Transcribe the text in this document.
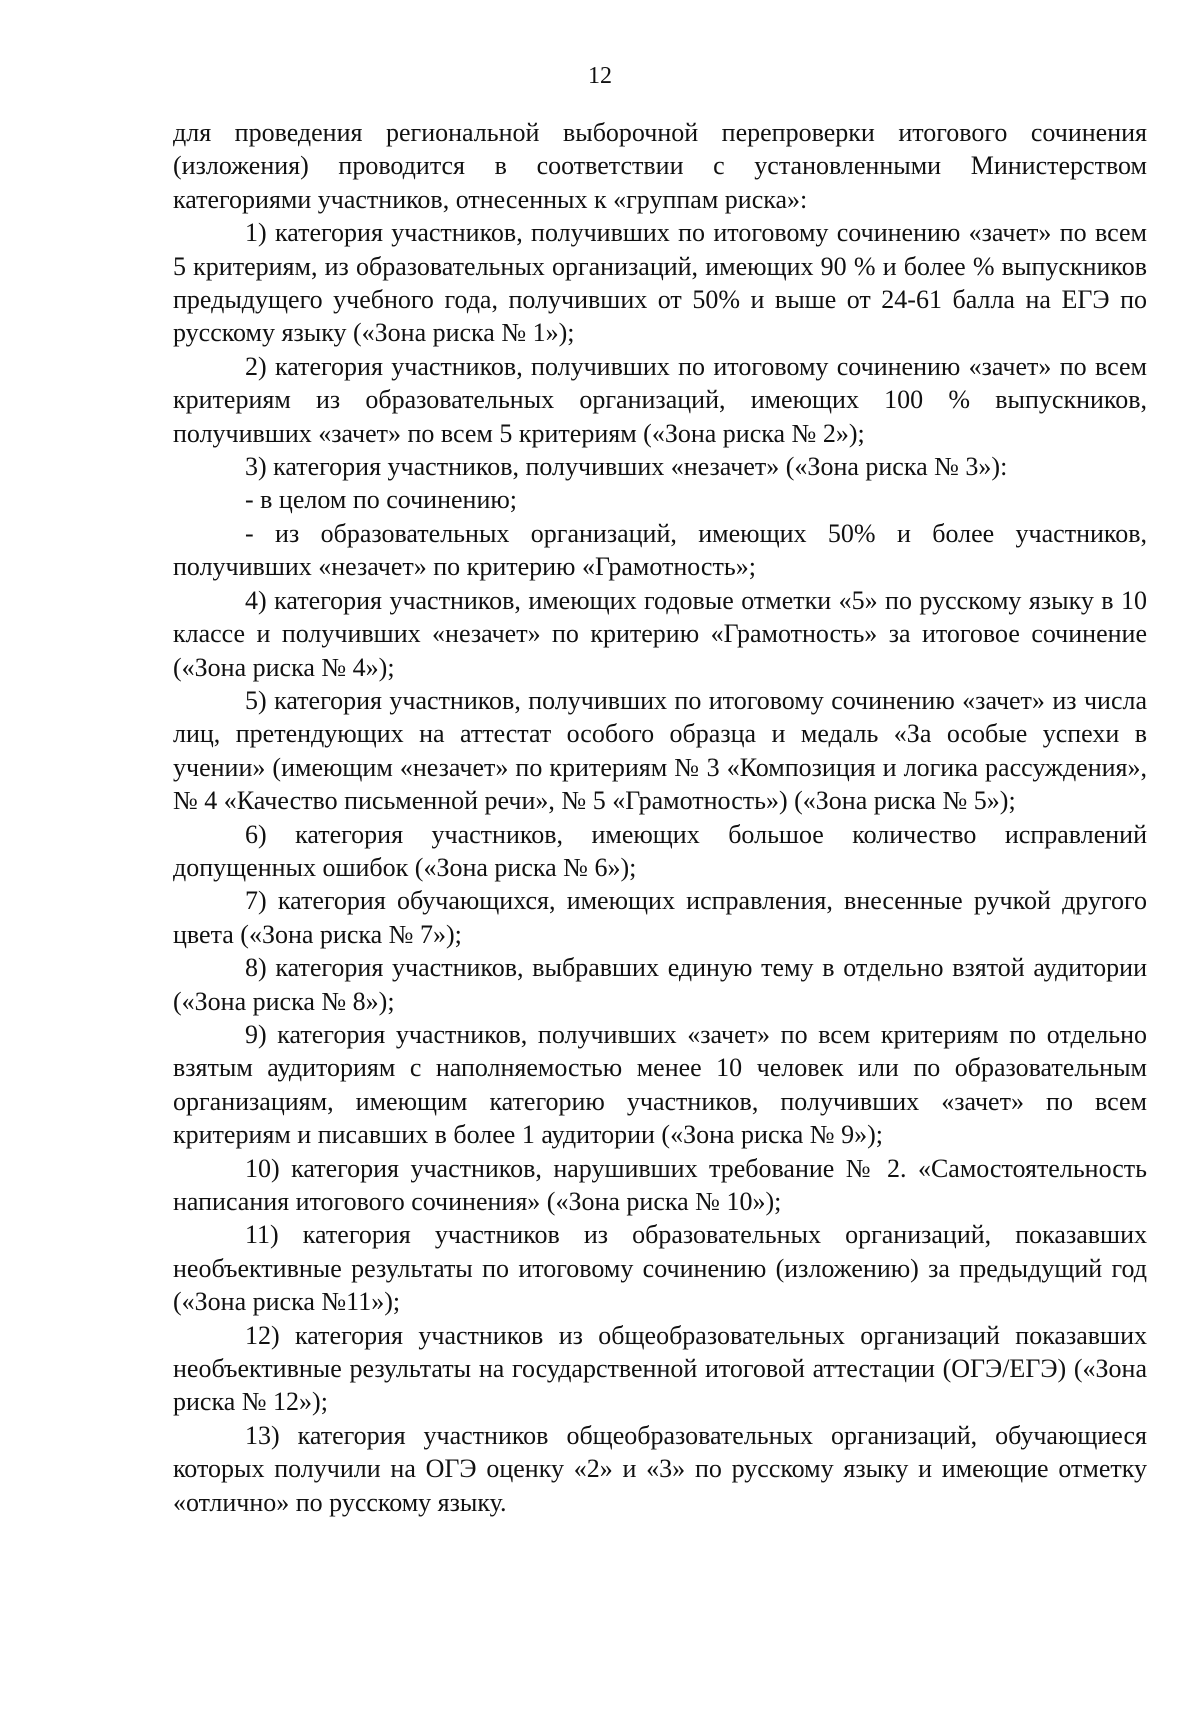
12

для проведения региональной выборочной перепроверки итогового сочинения (изложения) проводится в соответствии с установленными Министерством категориями участников, отнесенных к «группам риска»:

1) категория участников, получивших по итоговому сочинению «зачет» по всем 5 критериям, из образовательных организаций, имеющих 90 % и более % выпускников предыдущего учебного года, получивших от 50% и выше от 24-61 балла на ЕГЭ по русскому языку («Зона риска № 1»);

2) категория участников, получивших по итоговому сочинению «зачет» по всем критериям из образовательных организаций, имеющих 100 % выпускников, получивших «зачет» по всем 5 критериям («Зона риска № 2»);

3) категория участников, получивших «незачет» («Зона риска № 3»):

- в целом по сочинению;

- из образовательных организаций, имеющих 50% и более участников, получивших «незачет» по критерию «Грамотность»;

4) категория участников, имеющих годовые отметки «5» по русскому языку в 10 классе и получивших «незачет» по критерию «Грамотность» за итоговое сочинение («Зона риска № 4»);

5) категория участников, получивших по итоговому сочинению «зачет» из числа лиц, претендующих на аттестат особого образца и медаль «За особые успехи в учении» (имеющим «незачет» по критериям № 3 «Композиция и логика рассуждения», № 4 «Качество письменной речи», № 5 «Грамотность») («Зона риска № 5»);

6) категория участников, имеющих большое количество исправлений допущенных ошибок («Зона риска № 6»);

7) категория обучающихся, имеющих исправления, внесенные ручкой другого цвета («Зона риска № 7»);

8) категория участников, выбравших единую тему в отдельно взятой аудитории («Зона риска № 8»);

9) категория участников, получивших «зачет» по всем критериям по отдельно взятым аудиториям с наполняемостью менее 10 человек или по образовательным организациям, имеющим категорию участников, получивших «зачет» по всем критериям и писавших в более 1 аудитории («Зона риска № 9»);

10) категория участников, нарушивших требование № 2. «Самостоятельность написания итогового сочинения» («Зона риска № 10»);

11) категория участников из образовательных организаций, показавших необъективные результаты по итоговому сочинению (изложению) за предыдущий год («Зона риска №11»);

12) категория участников из общеобразовательных организаций показавших необъективные результаты на государственной итоговой аттестации (ОГЭ/ЕГЭ) («Зона риска № 12»);

13) категория участников общеобразовательных организаций, обучающиеся которых получили на ОГЭ оценку «2» и «3» по русскому языку и имеющие отметку «отлично» по русскому языку.
